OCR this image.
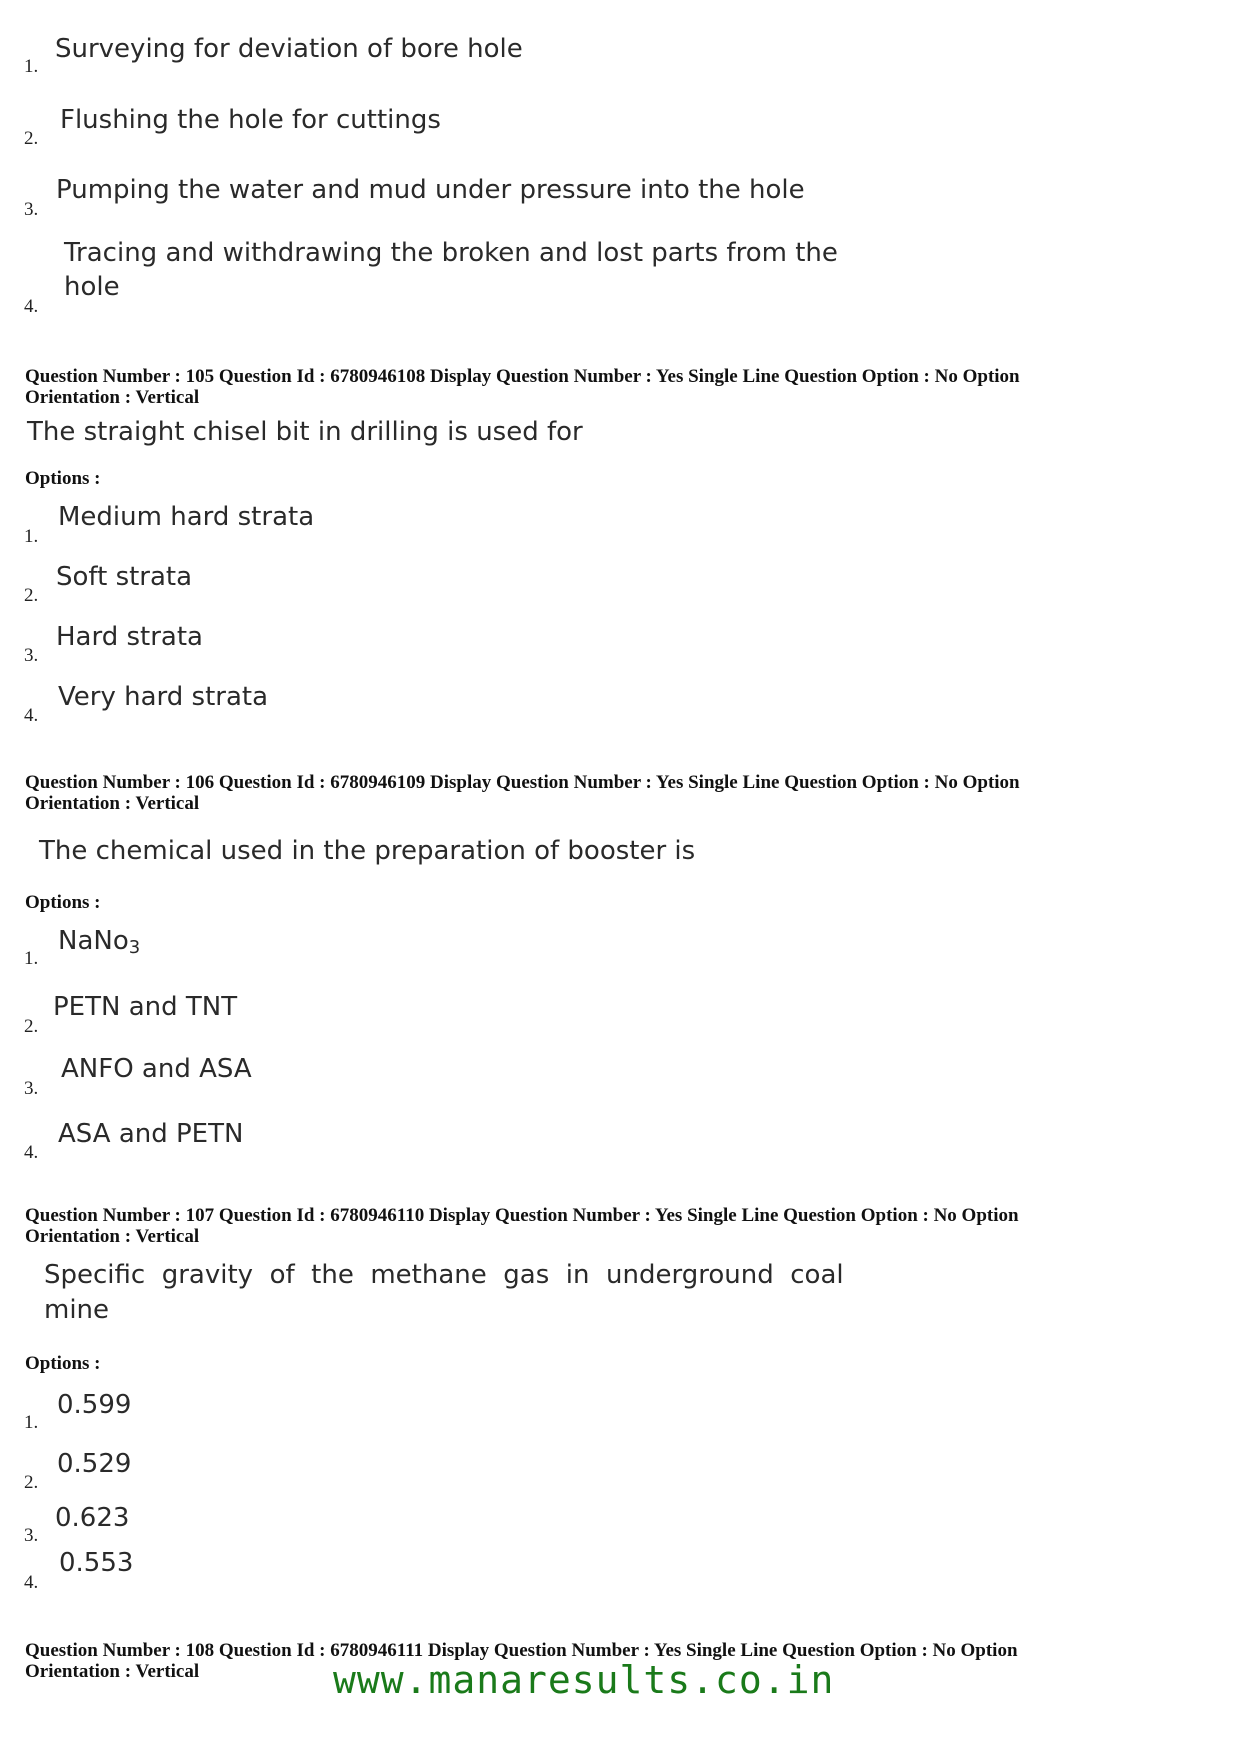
1.
Surveying for deviation of bore hole
2.
Flushing the hole for cuttings
3.
Pumping the water and mud under pressure into the hole
4.
Tracing and withdrawing the broken and lost parts from the
hole
Question Number : 105 Question Id : 6780946108 Display Question Number : Yes Single Line Question Option : No Option
Orientation : Vertical
The straight chisel bit in drilling is used for
Options :
1.
Medium hard strata
2.
Soft strata
3.
Hard strata
4.
Very hard strata
Question Number : 106 Question Id : 6780946109 Display Question Number : Yes Single Line Question Option : No Option
Orientation : Vertical
The chemical used in the preparation of booster is
Options :
1.
NaNo$_3$
2.
PETN and TNT
3.
ANFO and ASA
4.
ASA and PETN
Question Number : 107 Question Id : 6780946110 Display Question Number : Yes Single Line Question Option : No Option
Orientation : Vertical
Specific  gravity  of  the  methane  gas  in  underground  coal
mine
Options :
1.
0.599
2.
0.529
3.
0.623
4.
0.553
Question Number : 108 Question Id : 6780946111 Display Question Number : Yes Single Line Question Option : No Option
Orientation : Vertical	www.manaresults.co.in
